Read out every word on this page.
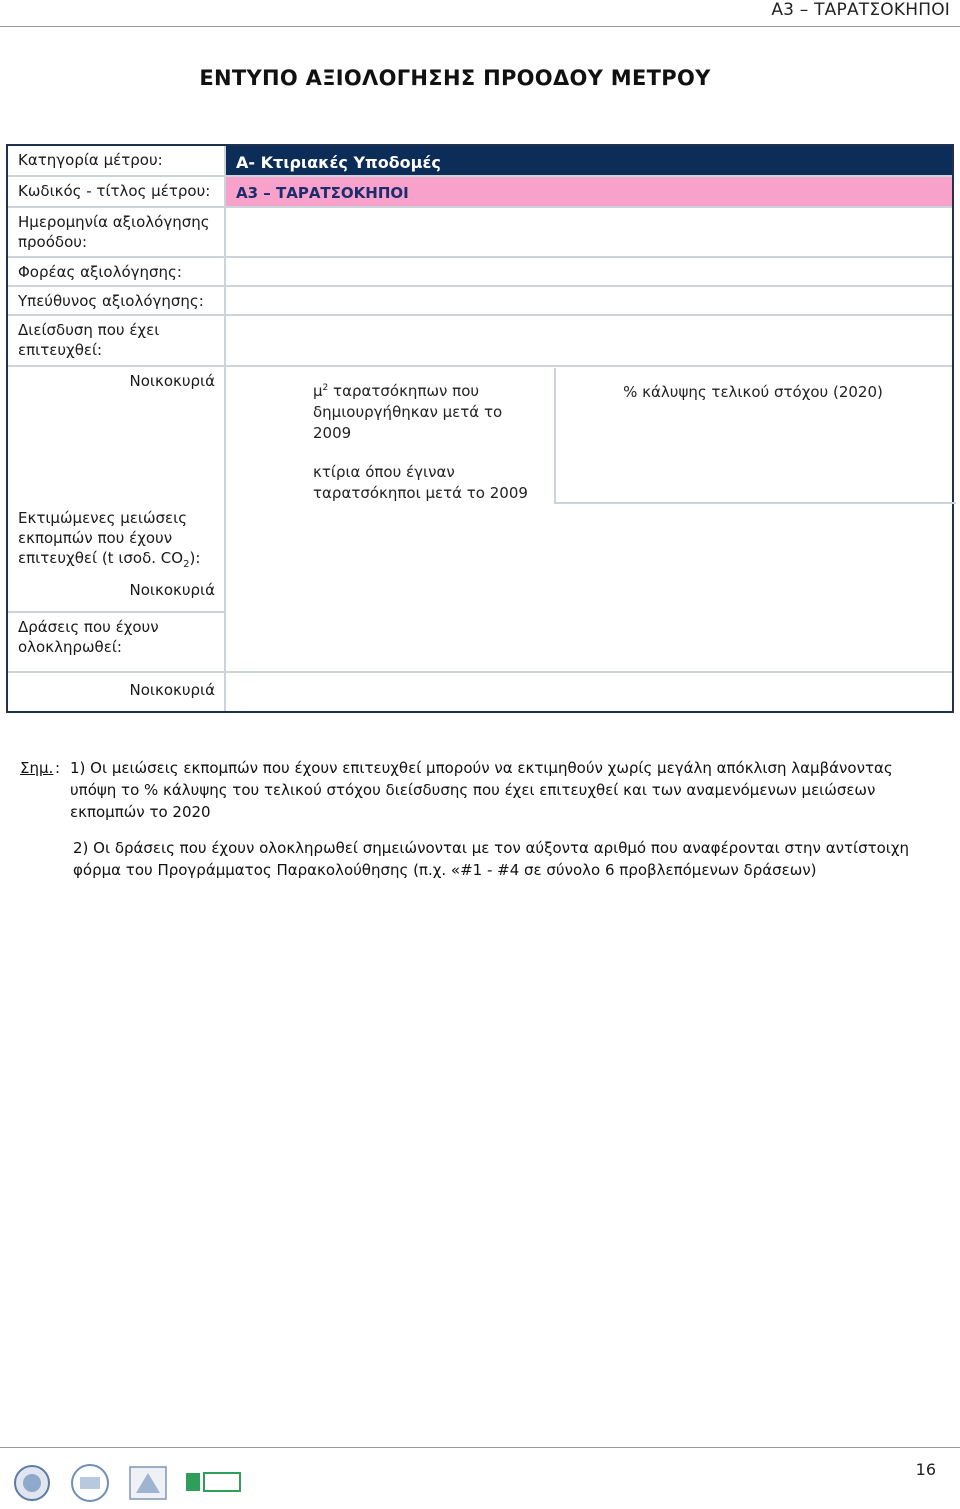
A3 – ΤΑΡΑΤΣΟΚΗΠΟΙ
ΕΝΤΥΠΟ ΑΞΙΟΛΟΓΗΣΗΣ ΠΡΟΟΔΟΥ ΜΕΤΡΟΥ
Κατηγορία μέτρου:	A- Κτιριακές Υποδομές
Κωδικός - τίτλος μέτρου:	A3 – ΤΑΡΑΤΣΟΚΗΠΟΙ
Ημερομηνία αξιολόγησης προόδου:
Φορέας αξιολόγησης:
Υπεύθυνος αξιολόγησης:
Διείσδυση που έχει επιτευχθεί:
Νοικοκυριά
$\mu^2$ ταρατσόκηπων που δημιουργήθηκαν μετά το 2009
% κάλυψης τελικού στόχου (2020)
κτίρια όπου έγιναν ταρατσόκηποι μετά το 2009
Εκτιμώμενες μειώσεις εκπομπών που έχουν επιτευχθεί (t ισοδ. $CO_2$):
Νοικοκυριά
Δράσεις που έχουν ολοκληρωθεί:
Νοικοκυριά
Σημ. : 1) Οι μειώσεις εκπομπών που έχουν επιτευχθεί μπορούν να εκτιμηθούν χωρίς μεγάλη απόκλιση λαμβάνοντας υπόψη το % κάλυψης του τελικού στόχου διείσδυσης που έχει επιτευχθεί και των αναμενόμενων μειώσεων εκπομπών το 2020
2) Οι δράσεις που έχουν ολοκληρωθεί σημειώνονται με τον αύξοντα αριθμό που αναφέρονται στην αντίστοιχη φόρμα του Προγράμματος Παρακολούθησης (π.χ. «#1 - #4 σε σύνολο 6 προβλεπόμενων δράσεων)
16
